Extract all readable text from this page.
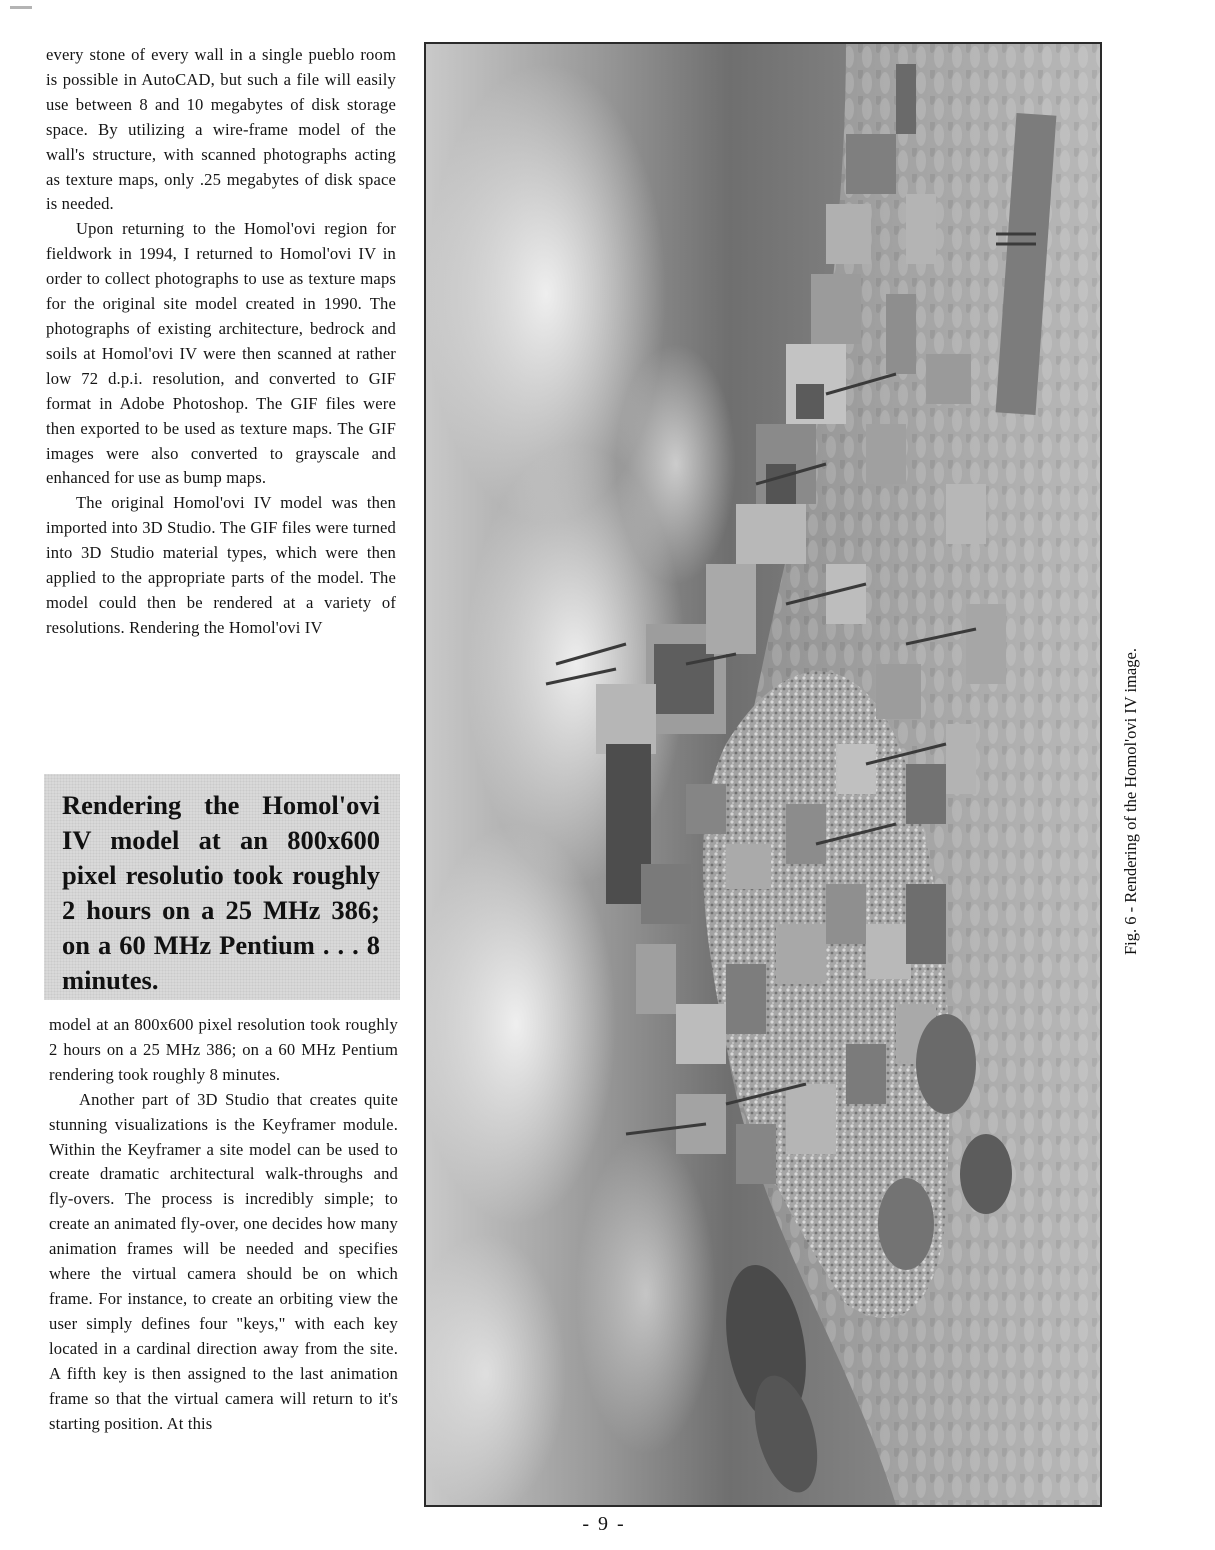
every stone of every wall in a single pueblo room is possible in AutoCAD, but such a file will easily use between 8 and 10 megabytes of disk storage space. By utilizing a wire-frame model of the wall's structure, with scanned photographs acting as texture maps, only .25 megabytes of disk space is needed.

Upon returning to the Homol'ovi region for fieldwork in 1994, I returned to Homol'ovi IV in order to collect photographs to use as texture maps for the original site model created in 1990. The photographs of existing architecture, bedrock and soils at Homol'ovi IV were then scanned at rather low 72 d.p.i. resolution, and converted to GIF format in Adobe Photoshop. The GIF files were then exported to be used as texture maps. The GIF images were also converted to grayscale and enhanced for use as bump maps.

The original Homol'ovi IV model was then imported into 3D Studio. The GIF files were turned into 3D Studio material types, which were then applied to the appropriate parts of the model. The model could then be rendered at a variety of resolutions. Rendering the Homol'ovi IV

Rendering the Homol'ovi IV model at an 800x600 pixel resolutio took roughly 2 hours on a 25 MHz 386; on a 60 MHz Pentium . . . 8 minutes.

model at an 800x600 pixel resolution took roughly 2 hours on a 25 MHz 386; on a 60 MHz Pentium rendering took roughly 8 minutes.

Another part of 3D Studio that creates quite stunning visualizations is the Keyframer module. Within the Keyframer a site model can be used to create dramatic architectural walk-throughs and fly-overs. The process is incredibly simple; to create an animated fly-over, one decides how many animation frames will be needed and specifies where the virtual camera should be on which frame. For instance, to create an orbiting view the user simply defines four "keys," with each key located in a cardinal direction away from the site. A fifth key is then assigned to the last animation frame so that the virtual camera will return to it's starting position. At this

Fig. 6 - Rendering of the Homol'ovi IV image.
- 9 -
